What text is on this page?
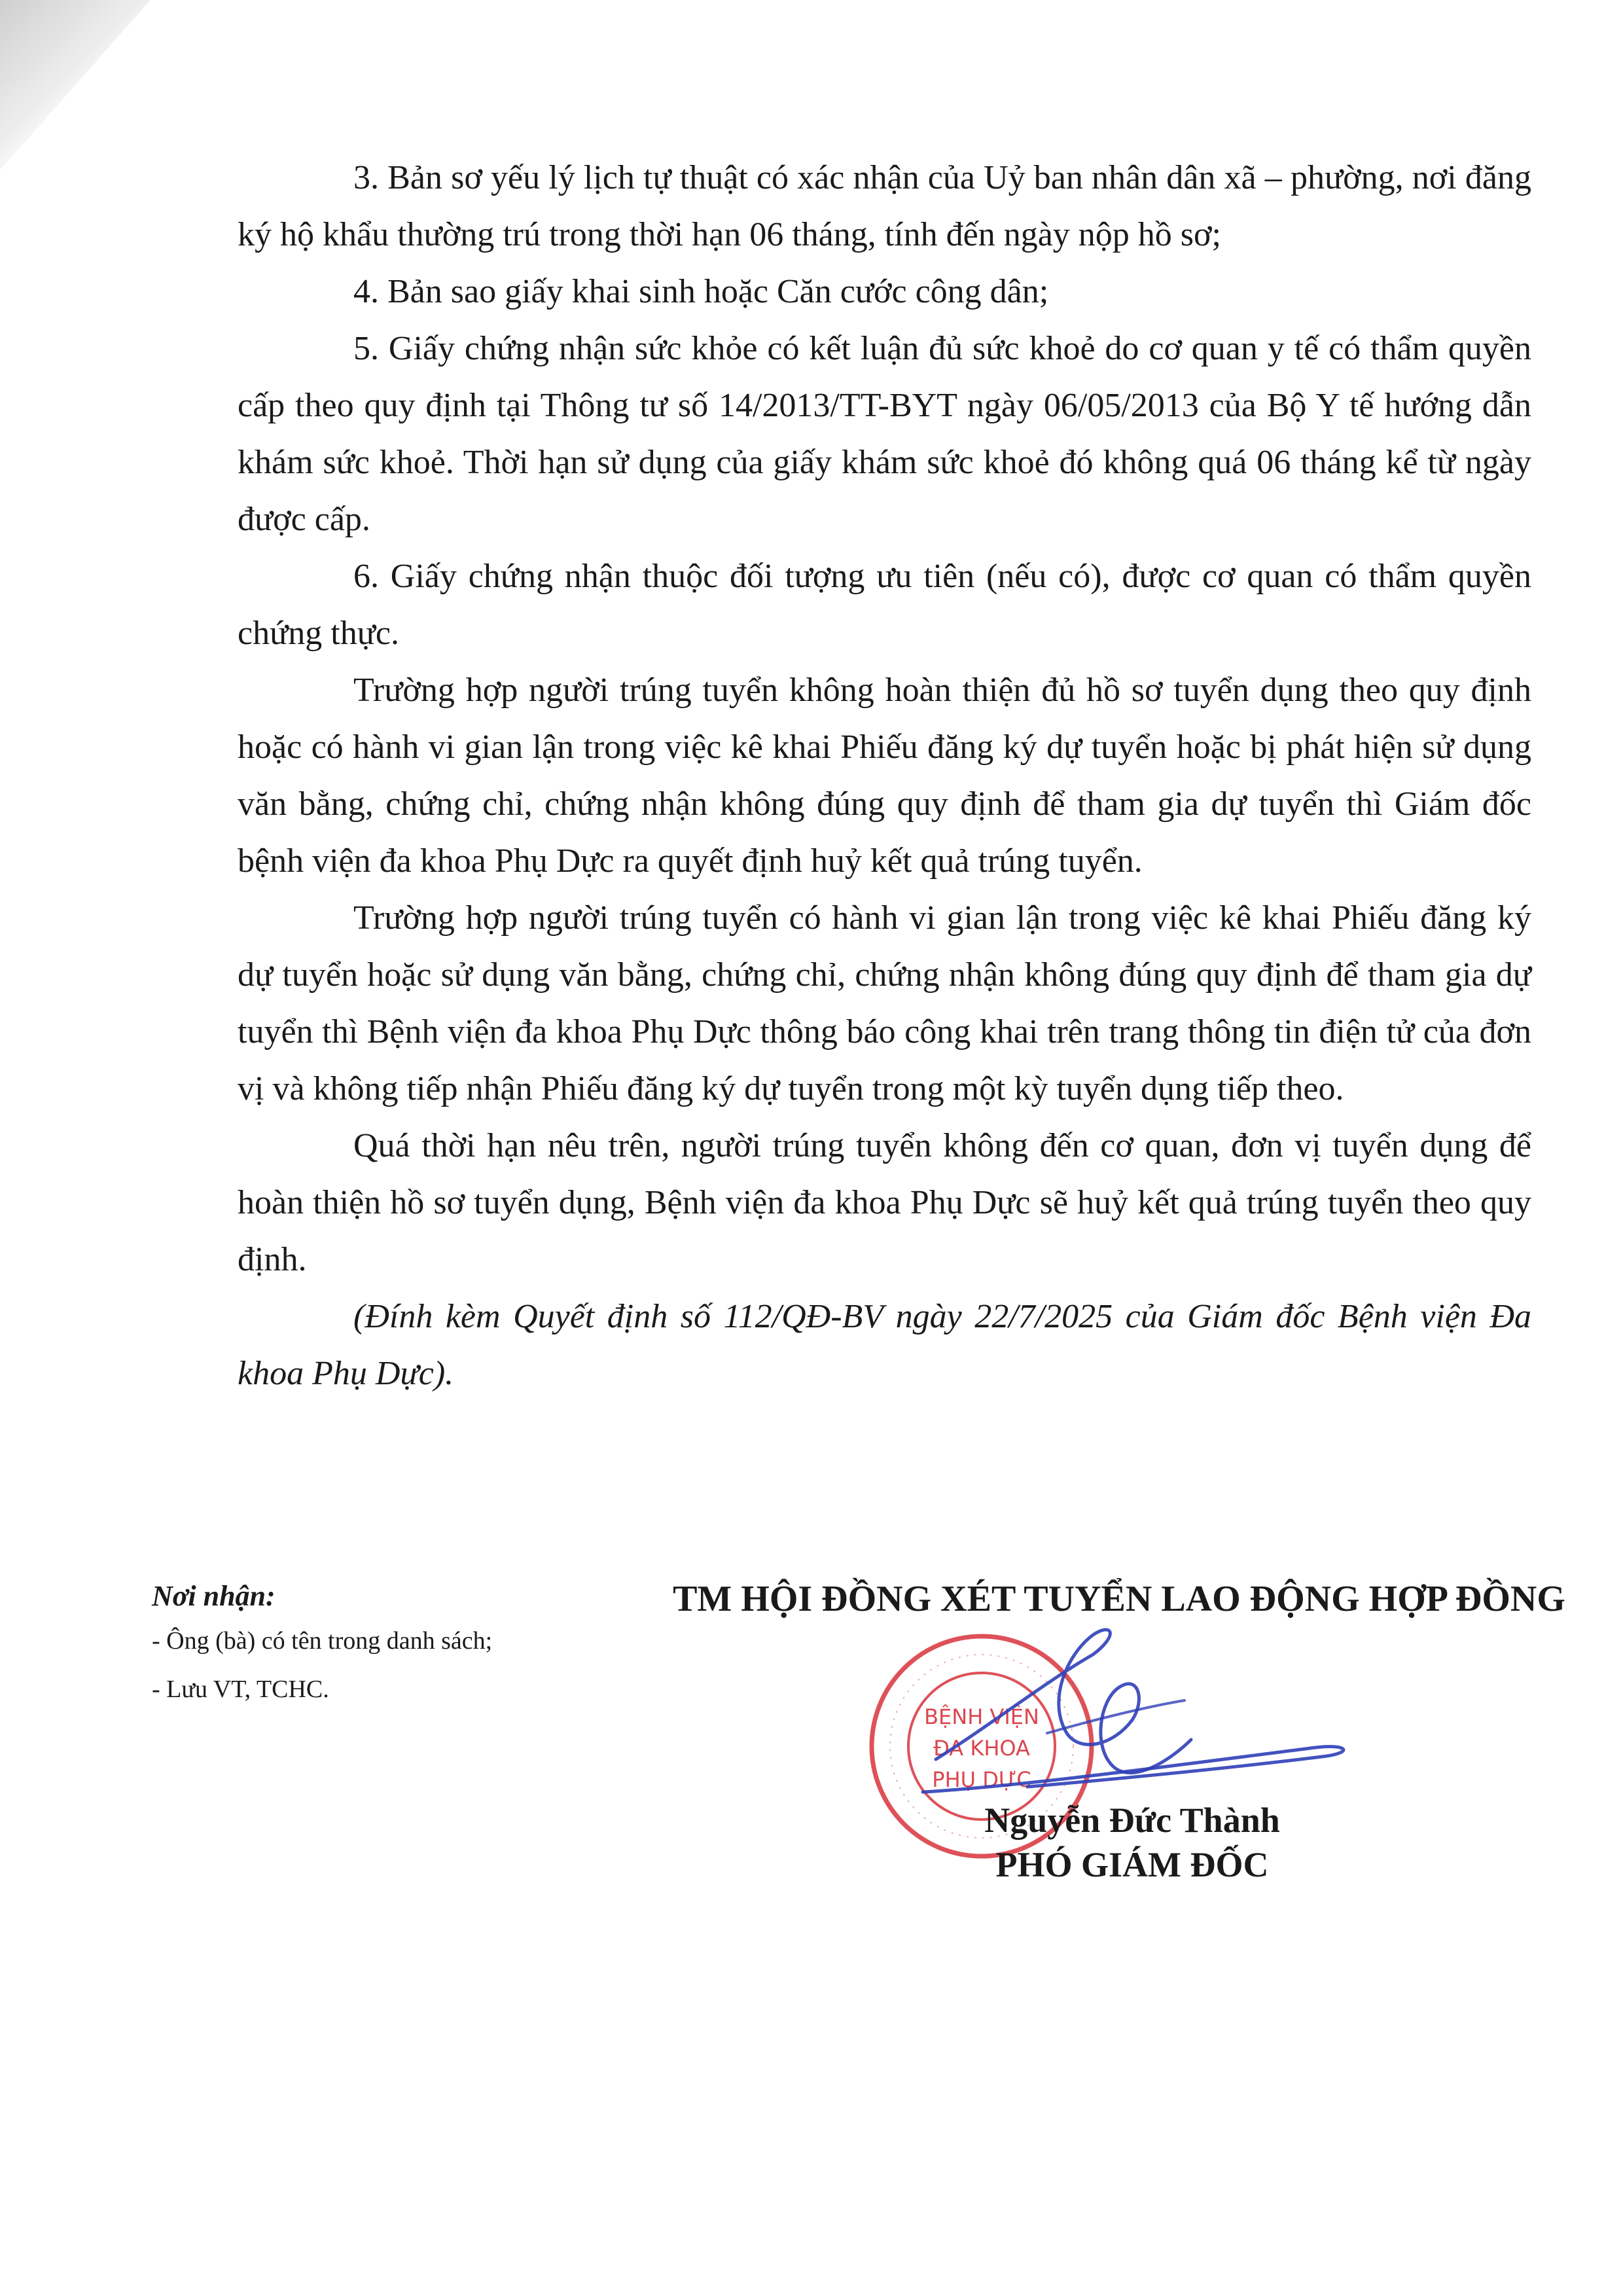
3. Bản sơ yếu lý lịch tự thuật có xác nhận của Uỷ ban nhân dân xã – phường, nơi đăng ký hộ khẩu thường trú trong thời hạn 06 tháng, tính đến ngày nộp hồ sơ;

4. Bản sao giấy khai sinh hoặc Căn cước công dân;

5. Giấy chứng nhận sức khỏe có kết luận đủ sức khoẻ do cơ quan y tế có thẩm quyền cấp theo quy định tại Thông tư số 14/2013/TT-BYT ngày 06/05/2013 của Bộ Y tế hướng dẫn khám sức khoẻ. Thời hạn sử dụng của giấy khám sức khoẻ đó không quá 06 tháng kể từ ngày được cấp.

6. Giấy chứng nhận thuộc đối tượng ưu tiên (nếu có), được cơ quan có thẩm quyền chứng thực.

Trường hợp người trúng tuyển không hoàn thiện đủ hồ sơ tuyển dụng theo quy định hoặc có hành vi gian lận trong việc kê khai Phiếu đăng ký dự tuyển hoặc bị phát hiện sử dụng văn bằng, chứng chỉ, chứng nhận không đúng quy định để tham gia dự tuyển thì Giám đốc bệnh viện đa khoa Phụ Dực ra quyết định huỷ kết quả trúng tuyển.

Trường hợp người trúng tuyển có hành vi gian lận trong việc kê khai Phiếu đăng ký dự tuyển hoặc sử dụng văn bằng, chứng chỉ, chứng nhận không đúng quy định để tham gia dự tuyển thì Bệnh viện đa khoa Phụ Dực thông báo công khai trên trang thông tin điện tử của đơn vị và không tiếp nhận Phiếu đăng ký dự tuyển trong một kỳ tuyển dụng tiếp theo.

Quá thời hạn nêu trên, người trúng tuyển không đến cơ quan, đơn vị tuyển dụng để hoàn thiện hồ sơ tuyển dụng, Bệnh viện đa khoa Phụ Dực sẽ huỷ kết quả trúng tuyển theo quy định.

(Đính kèm Quyết định số 112/QĐ-BV ngày 22/7/2025 của Giám đốc Bệnh viện Đa khoa Phụ Dực).

Nơi nhận:

- Ông (bà) có tên trong danh sách;

- Lưu VT, TCHC.

TM HỘI ĐỒNG XÉT TUYỂN LAO ĐỘNG HỢP ĐỒNG
BỆNH VIỆN
ĐA KHOA
PHỤ DỰC
Nguyễn Đức Thành
PHÓ GIÁM ĐỐC
